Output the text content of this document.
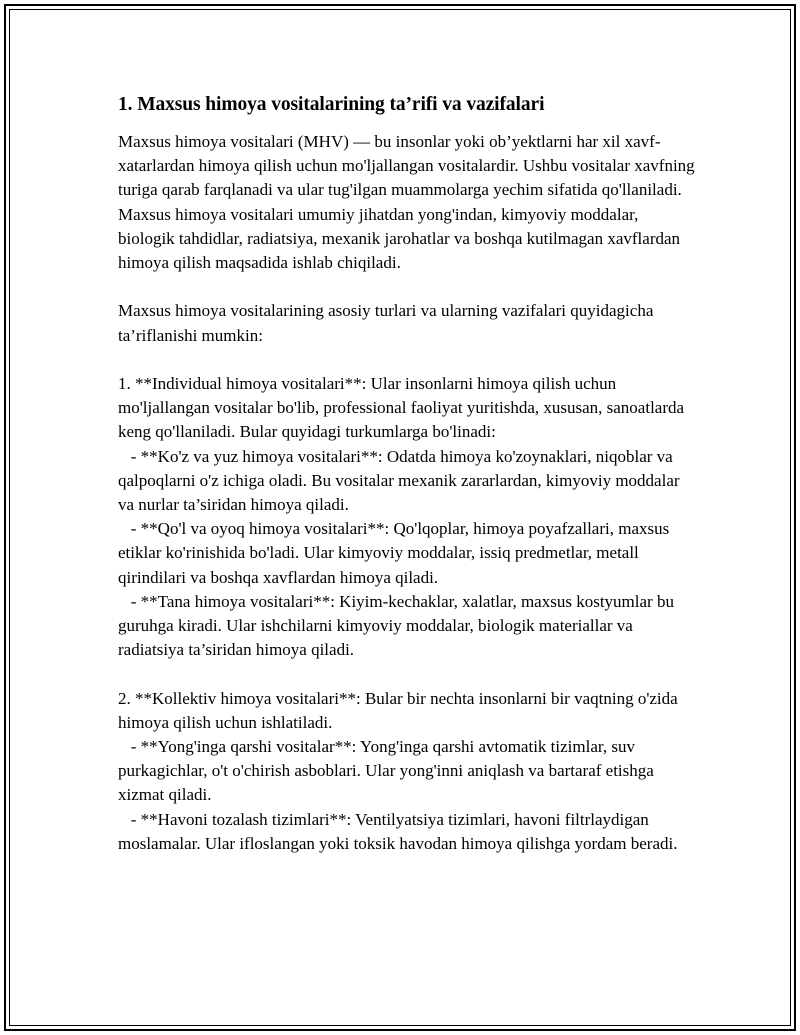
1. Maxsus himoya vositalarining ta’rifi va vazifalari

Maxsus himoya vositalari (MHV) — bu insonlar yoki ob’yektlarni har xil xavf-xatarlardan himoya qilish uchun mo'ljallangan vositalardir. Ushbu vositalar xavfning turiga qarab farqlanadi va ular tug'ilgan muammolarga yechim sifatida qo'llaniladi. Maxsus himoya vositalari umumiy jihatdan yong'indan, kimyoviy moddalar, biologik tahdidlar, radiatsiya, mexanik jarohatlar va boshqa kutilmagan xavflardan himoya qilish maqsadida ishlab chiqiladi.

Maxsus himoya vositalarining asosiy turlari va ularning vazifalari quyidagicha ta’riflanishi mumkin:

1. **Individual himoya vositalari**: Ular insonlarni himoya qilish uchun mo'ljallangan vositalar bo'lib, professional faoliyat yuritishda, xususan, sanoatlarda keng qo'llaniladi. Bular quyidagi turkumlarga bo'linadi:
- **Ko'z va yuz himoya vositalari**: Odatda himoya ko'zoynaklari, niqoblar va qalpoqlarni o'z ichiga oladi. Bu vositalar mexanik zararlardan, kimyoviy moddalar va nurlar ta’siridan himoya qiladi.
- **Qo'l va oyoq himoya vositalari**: Qo'lqoplar, himoya poyafzallari, maxsus etiklar ko'rinishida bo'ladi. Ular kimyoviy moddalar, issiq predmetlar, metall qirindilari va boshqa xavflardan himoya qiladi.
- **Tana himoya vositalari**: Kiyim-kechaklar, xalatlar, maxsus kostyumlar bu guruhga kiradi. Ular ishchilarni kimyoviy moddalar, biologik materiallar va radiatsiya ta’siridan himoya qiladi.

2. **Kollektiv himoya vositalari**: Bular bir nechta insonlarni bir vaqtning o'zida himoya qilish uchun ishlatiladi.
- **Yong'inga qarshi vositalar**: Yong'inga qarshi avtomatik tizimlar, suv purkagichlar, o't o'chirish asboblari. Ular yong'inni aniqlash va bartaraf etishga xizmat qiladi.
- **Havoni tozalash tizimlari**: Ventilyatsiya tizimlari, havoni filtrlaydigan moslamalar. Ular ifloslangan yoki toksik havodan himoya qilishga yordam beradi.
